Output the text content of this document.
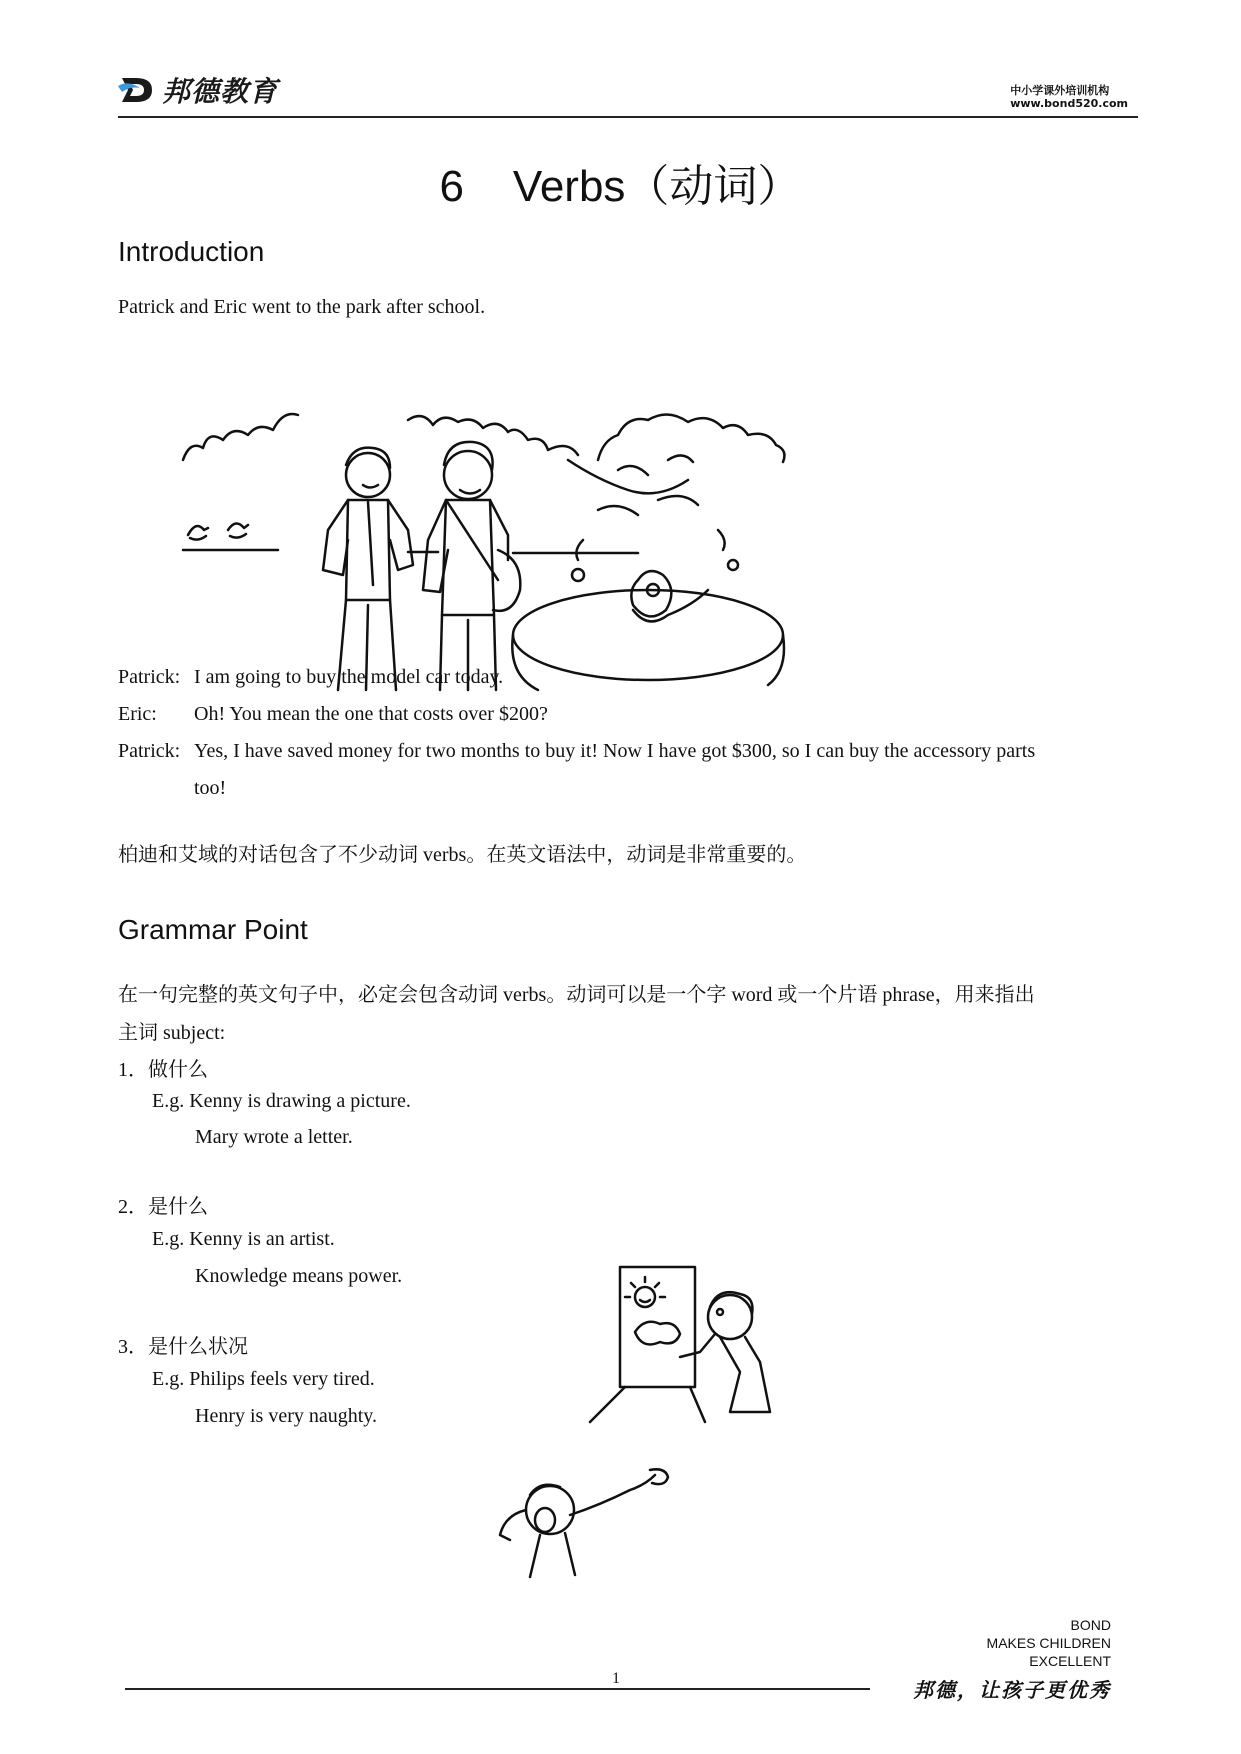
邦德教育	中小学课外培训机构
www.bond520.com
6    Verbs（动词）
Introduction
Patrick and Eric went to the park after school.
Patrick: I am going to buy the model car today.
Eric:	Oh! You mean the one that costs over $200?
Patrick: Yes, I have saved money for two months to buy it! Now I have got $300, so I can buy the accessory parts
too!
柏迪和艾域的对话包含了不少动词 verbs。在英文语法中，动词是非常重要的。
Grammar Point
在一句完整的英文句子中，必定会包含动词 verbs。动词可以是一个字 word 或一个片语 phrase，用来指出
主词 subject:
1．做什么
E.g. Kenny is drawing a picture.
Mary wrote a letter.
2．是什么
E.g. Kenny is an artist.
Knowledge means power.
3．是什么状况
E.g. Philips feels very tired.
Henry is very naughty.
BOND
MAKES CHILDREN
EXCELLENT
1	邦德，让孩子更优秀
